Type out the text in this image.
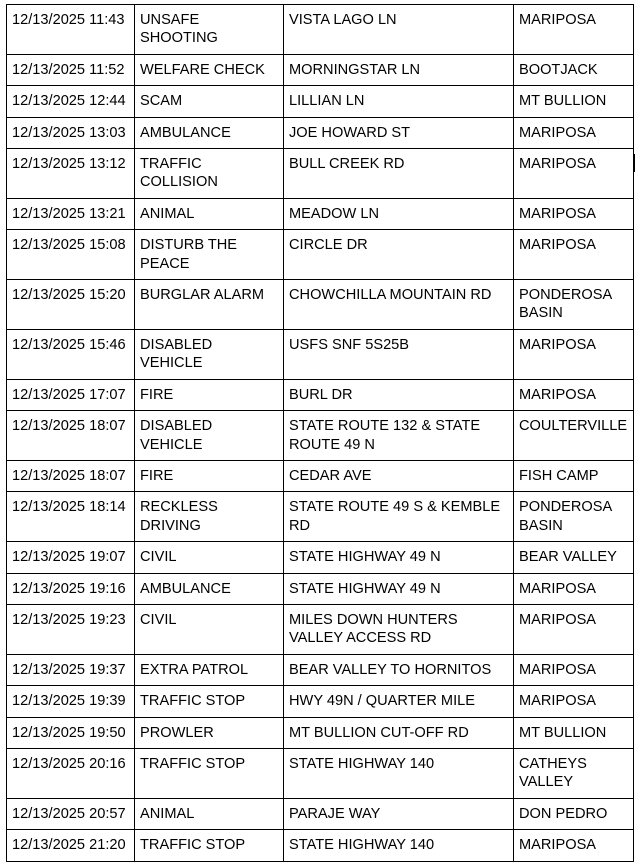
12/13/2025 11:43	UNSAFE SHOOTING	VISTA LAGO LN	MARIPOSA
12/13/2025 11:52	WELFARE CHECK	MORNINGSTAR LN	BOOTJACK
12/13/2025 12:44	SCAM	LILLIAN LN	MT BULLION
12/13/2025 13:03	AMBULANCE	JOE HOWARD ST	MARIPOSA
12/13/2025 13:12	TRAFFIC COLLISION	BULL CREEK RD	MARIPOSA
12/13/2025 13:21	ANIMAL	MEADOW LN	MARIPOSA
12/13/2025 15:08	DISTURB THE PEACE	CIRCLE DR	MARIPOSA
12/13/2025 15:20	BURGLAR ALARM	CHOWCHILLA MOUNTAIN RD	PONDEROSA BASIN
12/13/2025 15:46	DISABLED VEHICLE	USFS SNF 5S25B	MARIPOSA
12/13/2025 17:07	FIRE	BURL DR	MARIPOSA
12/13/2025 18:07	DISABLED VEHICLE	STATE ROUTE 132 & STATE ROUTE 49 N	COULTERVILLE
12/13/2025 18:07	FIRE	CEDAR AVE	FISH CAMP
12/13/2025 18:14	RECKLESS DRIVING	STATE ROUTE 49 S & KEMBLE RD	PONDEROSA BASIN
12/13/2025 19:07	CIVIL	STATE HIGHWAY 49 N	BEAR VALLEY
12/13/2025 19:16	AMBULANCE	STATE HIGHWAY 49 N	MARIPOSA
12/13/2025 19:23	CIVIL	MILES DOWN HUNTERS VALLEY ACCESS RD	MARIPOSA
12/13/2025 19:37	EXTRA PATROL	BEAR VALLEY TO HORNITOS	MARIPOSA
12/13/2025 19:39	TRAFFIC STOP	HWY 49N / QUARTER MILE	MARIPOSA
12/13/2025 19:50	PROWLER	MT BULLION CUT-OFF RD	MT BULLION
12/13/2025 20:16	TRAFFIC STOP	STATE HIGHWAY 140	CATHEYS VALLEY
12/13/2025 20:57	ANIMAL	PARAJE WAY	DON PEDRO
12/13/2025 21:20	TRAFFIC STOP	STATE HIGHWAY 140	MARIPOSA
